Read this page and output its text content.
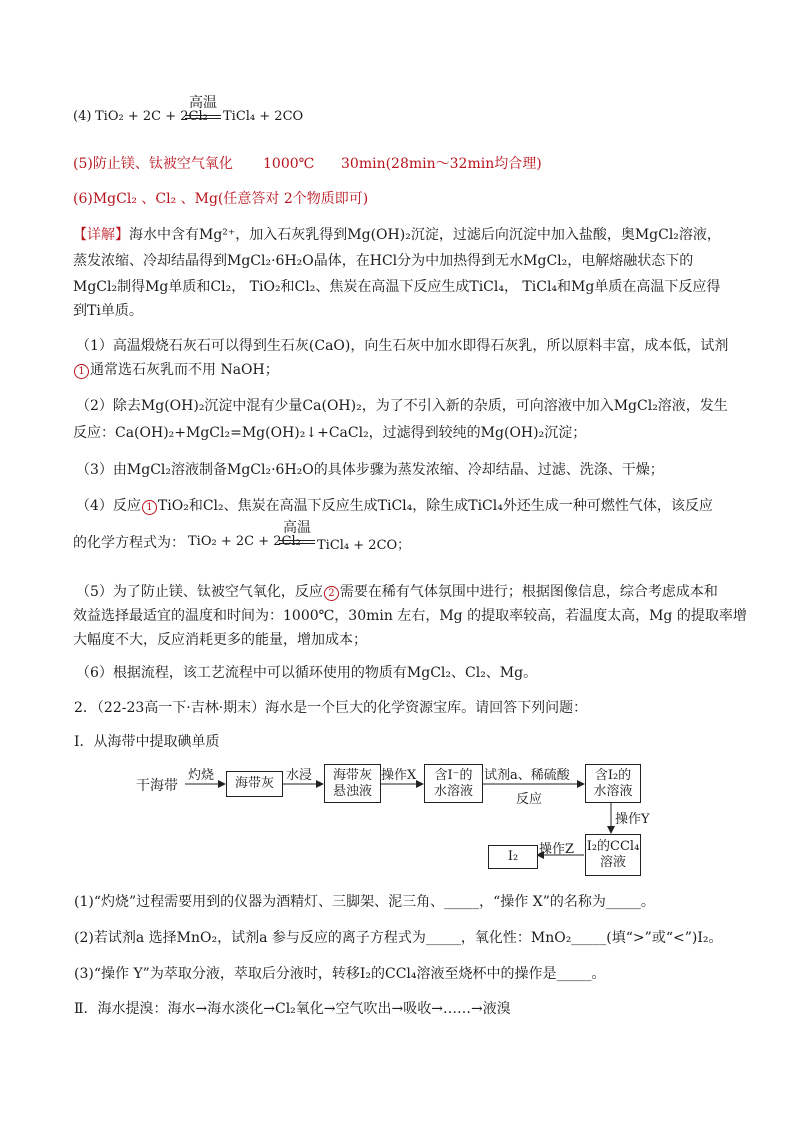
(4) TiO₂ + 2C + 2Cl₂
高温
TiCl₄ + 2CO
(5)防止镁、钛被空气氧化 1000℃ 30min(28min～32min均合理)
(6)MgCl₂ 、Cl₂ 、Mg(任意答对 2个物质即可)
【详解】海水中含有Mg²⁺，加入石灰乳得到Mg(OH)₂沉淀，过滤后向沉淀中加入盐酸，奥MgCl₂溶液，
蒸发浓缩、冷却结晶得到MgCl₂·6H₂O晶体，在HCl分为中加热得到无水MgCl₂，电解熔融状态下的
MgCl₂制得Mg单质和Cl₂， TiO₂和Cl₂、焦炭在高温下反应生成TiCl₄， TiCl₄和Mg单质在高温下反应得
到Ti单质。
（1）高温煅烧石灰石可以得到生石灰(CaO)，向生石灰中加水即得石灰乳，所以原料丰富，成本低，试剂
1 通常选石灰乳而不用 NaOH；
（2）除去Mg(OH)₂沉淀中混有少量Ca(OH)₂，为了不引入新的杂质，可向溶液中加入MgCl₂溶液，发生
反应：Ca(OH)₂+MgCl₂=Mg(OH)₂↓+CaCl₂，过滤得到较纯的Mg(OH)₂沉淀；
（3）由MgCl₂溶液制备MgCl₂·6H₂O的具体步骤为蒸发浓缩、冷却结晶、过滤、洗涤、干燥；
（4）反应 1 TiO₂和Cl₂、焦炭在高温下反应生成TiCl₄，除生成TiCl₄外还生成一种可燃性气体，该反应
的化学方程式为： TiO₂ + 2C + 2Cl₂
高温
TiCl₄ + 2CO；
（5）为了防止镁、钛被空气氧化，反应 2 需要在稀有气体氛围中进行；根据图像信息，综合考虑成本和
效益选择最适宜的温度和时间为：1000℃，30min 左右，Mg 的提取率较高，若温度太高，Mg 的提取率增
大幅度不大，反应消耗更多的能量，增加成本；
（6）根据流程，该工艺流程中可以循环使用的物质有MgCl₂、Cl₂、Mg。
2．（22-23高一下·吉林·期末）海水是一个巨大的化学资源宝库。请回答下列问题：
Ⅰ．从海带中提取碘单质
干海带
灼烧
海带灰
水浸 海带灰
悬浊液
操作X 含I⁻的
水溶液
试剂a、稀硫酸
反应
含I₂的
水溶液
操作Y
I₂的CCl₄
溶液
操作Z
I₂
(1)“灼烧”过程需要用到的仪器为酒精灯、三脚架、泥三角、_____，“操作 X”的名称为_____。
(2)若试剂a 选择MnO₂，试剂a 参与反应的离子方程式为_____，氧化性：MnO₂_____(填“>”或“<”)I₂。
(3)“操作 Y”为萃取分液，萃取后分液时，转移I₂的CCl₄溶液至烧杯中的操作是_____。
Ⅱ．海水提溴：海水→海水淡化→Cl₂氧化→空气吹出→吸收→……→液溴
